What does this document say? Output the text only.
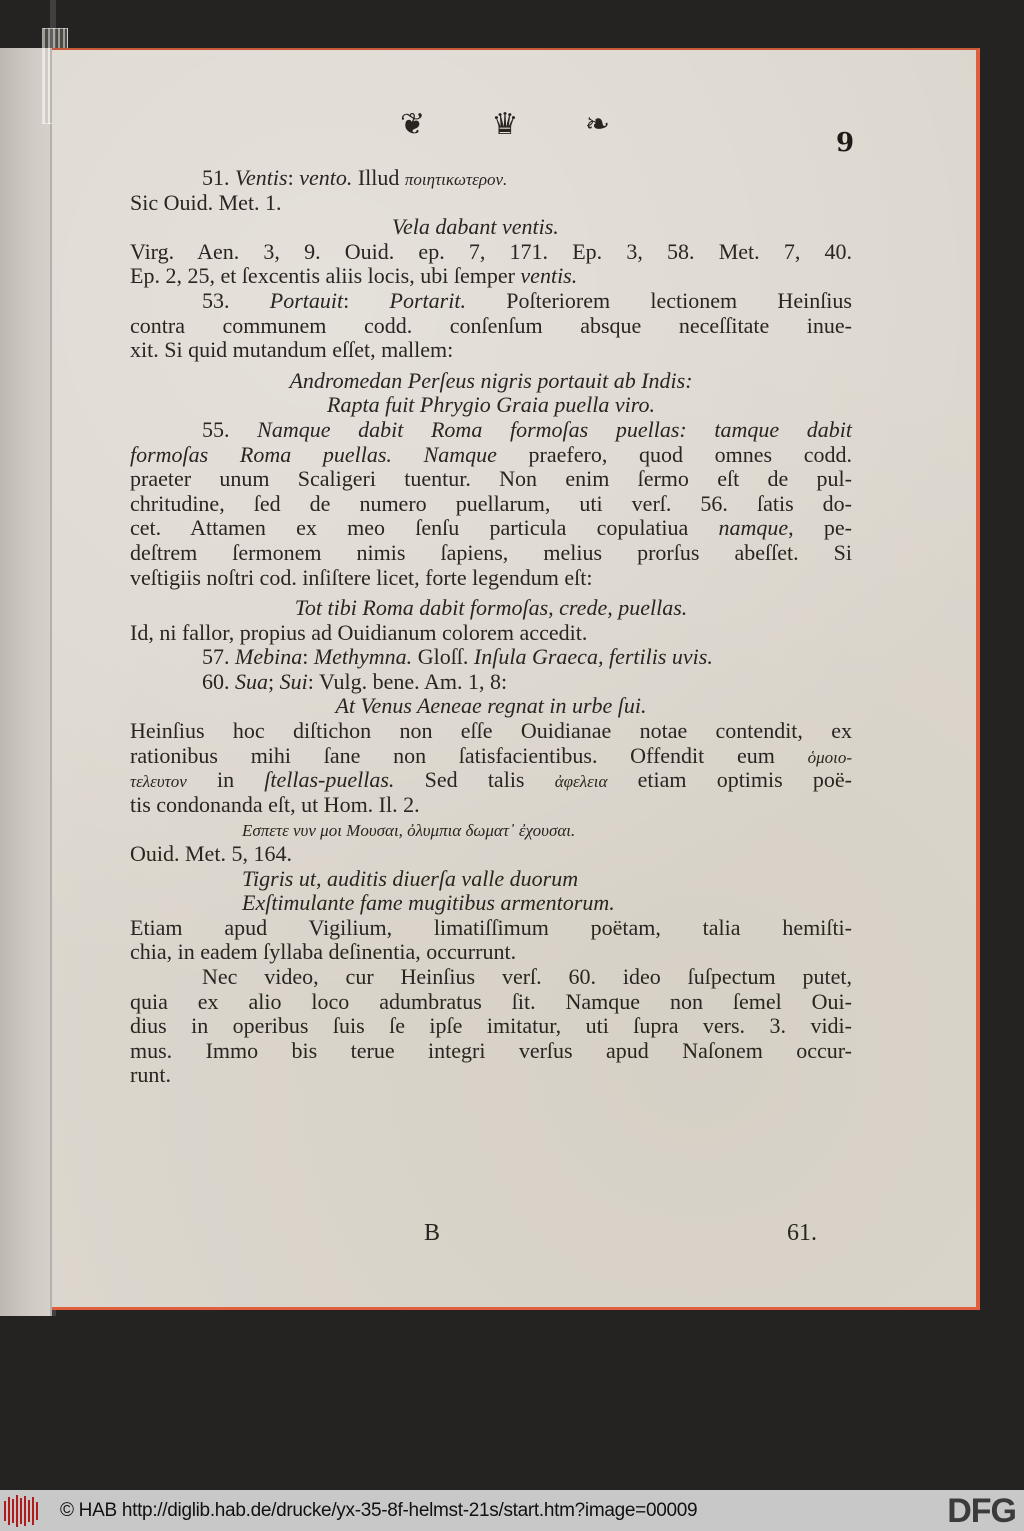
❦ ♛ ❧
9
51. Ventis: vento. Illud ποιητικωτερον.
Sic Ouid. Met. 1.
Vela dabant ventis.
Virg. Aen. 3, 9. Ouid. ep. 7, 171. Ep. 3, 58. Met. 7, 40.
Ep. 2, 25, et ſexcentis aliis locis, ubi ſemper ventis.
53. Portauit: Portarit. Poſteriorem lectionem Heinſius
contra communem codd. conſenſum absque neceſſitate inue-
xit. Si quid mutandum eſſet, mallem:
Andromedan Perſeus nigris portauit ab Indis:
Rapta fuit Phrygio Graia puella viro.
55. Namque dabit Roma formoſas puellas: tamque dabit
formoſas Roma puellas. Namque praefero, quod omnes codd.
praeter unum Scaligeri tuentur. Non enim ſermo eſt de pul-
chritudine, ſed de numero puellarum, uti verſ. 56. ſatis do-
cet. Attamen ex meo ſenſu particula copulatiua namque, pe-
deſtrem ſermonem nimis ſapiens, melius prorſus abeſſet. Si
veſtigiis noſtri cod. inſiſtere licet, forte legendum eſt:
Tot tibi Roma dabit formoſas, crede, puellas.
Id, ni fallor, propius ad Ouidianum colorem accedit.
57. Mebina: Methymna. Gloſſ. Inſula Graeca, fertilis uvis.
60. Sua; Sui: Vulg. bene. Am. 1, 8:
At Venus Aeneae regnat in urbe ſui.
Heinſius hoc diſtichon non eſſe Ouidianae notae contendit, ex
rationibus mihi ſane non ſatisfacientibus. Offendit eum ὁμοιο-
τελευτον in ſtellas-puellas. Sed talis ἀφελεια etiam optimis poë-
tis condonanda eſt, ut Hom. Il. 2.
Εσπετε νυν μοι Μουσαι, ὀλυμπια δωματ᾽ ἐχουσαι.
Ouid. Met. 5, 164.
Tigris ut, auditis diuerſa valle duorum
Exſtimulante fame mugitibus armentorum.
Etiam apud Vigilium, limatiſſimum poëtam, talia hemiſti-
chia, in eadem ſyllaba deſinentia, occurrunt.
Nec video, cur Heinſius verſ. 60. ideo ſuſpectum putet,
quia ex alio loco adumbratus ſit. Namque non ſemel Oui-
dius in operibus ſuis ſe ipſe imitatur, uti ſupra vers. 3. vidi-
mus. Immo bis terue integri verſus apud Naſonem occur-
runt.
B	61.
© HAB http://diglib.hab.de/drucke/yx-35-8f-helmst-21s/start.htm?image=00009	DFG
